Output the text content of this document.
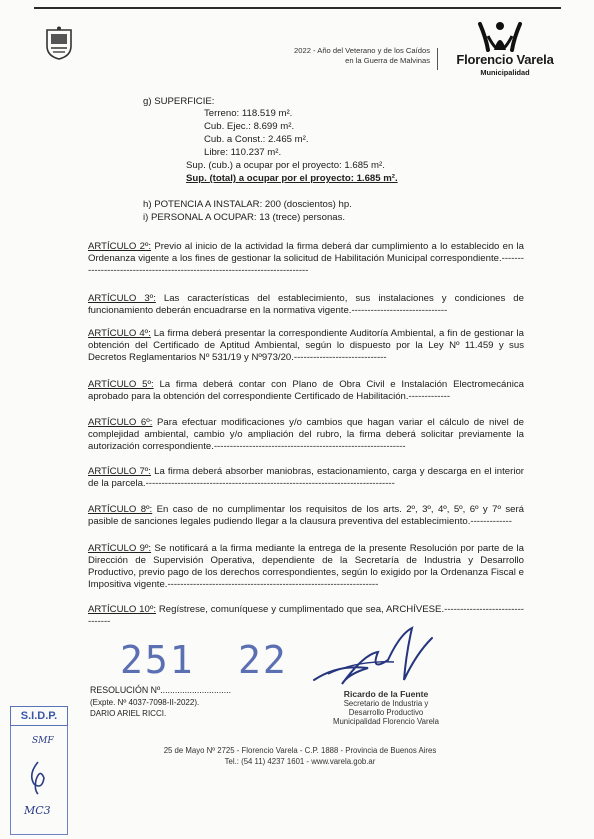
2022 - Año del Veterano y de los Caídos
en la Guerra de Malvinas	Florencio Varela
Municipalidad
g) SUPERFICIE:
Terreno: 118.519 m².
Cub. Ejec.: 8.699 m².
Cub. a Const.: 2.465 m².
Libre: 110.237 m².
Sup. (cub.) a ocupar por el proyecto: 1.685 m².
Sup. (total) a ocupar por el proyecto: 1.685 m².
h) POTENCIA A INSTALAR: 200 (doscientos) hp.
i) PERSONAL A OCUPAR: 13 (trece) personas.
ARTÍCULO 2º: Previo al inicio de la actividad la firma deberá dar cumplimiento a lo establecido en la Ordenanza vigente a los fines de gestionar la solicitud de Habilitación Municipal correspondiente.----------------------------------------------------------------------------
ARTÍCULO 3º: Las características del establecimiento, sus instalaciones y condiciones de funcionamiento deberán encuadrarse en la normativa vigente.------------------------------
ARTÍCULO 4º: La firma deberá presentar la correspondiente Auditoría Ambiental, a fin de gestionar la obtención del Certificado de Aptitud Ambiental, según lo dispuesto por la Ley Nº 11.459 y sus Decretos Reglamentarios Nº 531/19 y Nº973/20.-----------------------------
ARTÍCULO 5º: La firma deberá contar con Plano de Obra Civil e Instalación Electromecánica aprobado para la obtención del correspondiente Certificado de Habilitación.-------------
ARTÍCULO 6º: Para efectuar modificaciones y/o cambios que hagan variar el cálculo de nivel de complejidad ambiental, cambio y/o ampliación del rubro, la firma deberá solicitar previamente la autorización correspondiente.------------------------------------------------------------
ARTÍCULO 7º: La firma deberá absorber maniobras, estacionamiento, carga y descarga en el interior de la parcela.------------------------------------------------------------------------------
ARTÍCULO 8º: En caso de no cumplimentar los requisitos de los arts. 2º, 3º, 4º, 5º, 6º y 7º será pasible de sanciones legales pudiendo llegar a la clausura preventiva del establecimiento.-------------
ARTÍCULO 9º: Se notificará a la firma mediante la entrega de la presente Resolución por parte de la Dirección de Supervisión Operativa, dependiente de la Secretaría de Industria y Desarrollo Productivo, previo pago de los derechos correspondientes, según lo exigido por la Ordenanza Fiscal e Impositiva vigente.------------------------------------------------------------------
ARTÍCULO 10º: Regístrese, comuníquese y cumplimentado que sea, ARCHÍVESE.--------------------------------
251 22
RESOLUCIÓN Nº.............................
(Expte. Nº 4037-7098-II-2022).
DARIO ARIEL RICCI.
Ricardo de la Fuente
Secretario de Industria y
Desarrollo Productivo
Municipalidad Florencio Varela
S.I.D.P.
SMF
MC3
25 de Mayo Nº 2725 - Florencio Varela - C.P. 1888 - Provincia de Buenos Aires
Tel.: (54 11) 4237 1601 - www.varela.gob.ar
